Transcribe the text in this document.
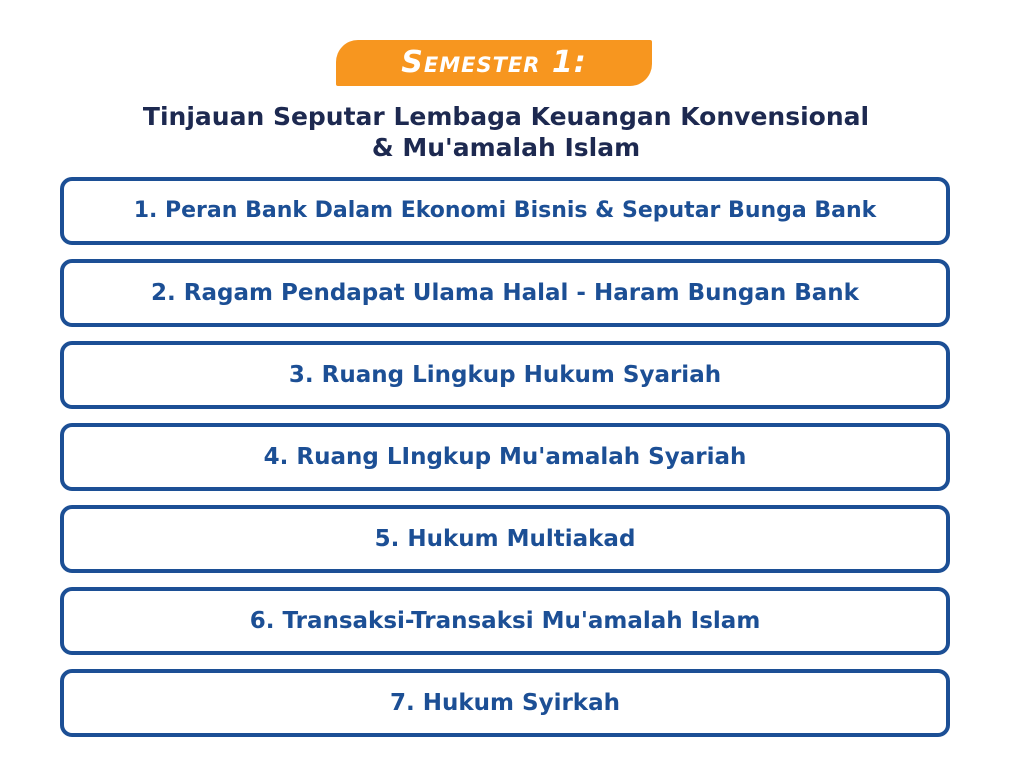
Semester 1:
Tinjauan Seputar Lembaga Keuangan Konvensional
& Mu'amalah Islam
1. Peran Bank Dalam Ekonomi Bisnis & Seputar Bunga Bank
2. Ragam Pendapat Ulama Halal - Haram Bungan Bank
3. Ruang Lingkup Hukum Syariah
4. Ruang LIngkup Mu'amalah Syariah
5. Hukum Multiakad
6. Transaksi-Transaksi Mu'amalah Islam
7. Hukum Syirkah
